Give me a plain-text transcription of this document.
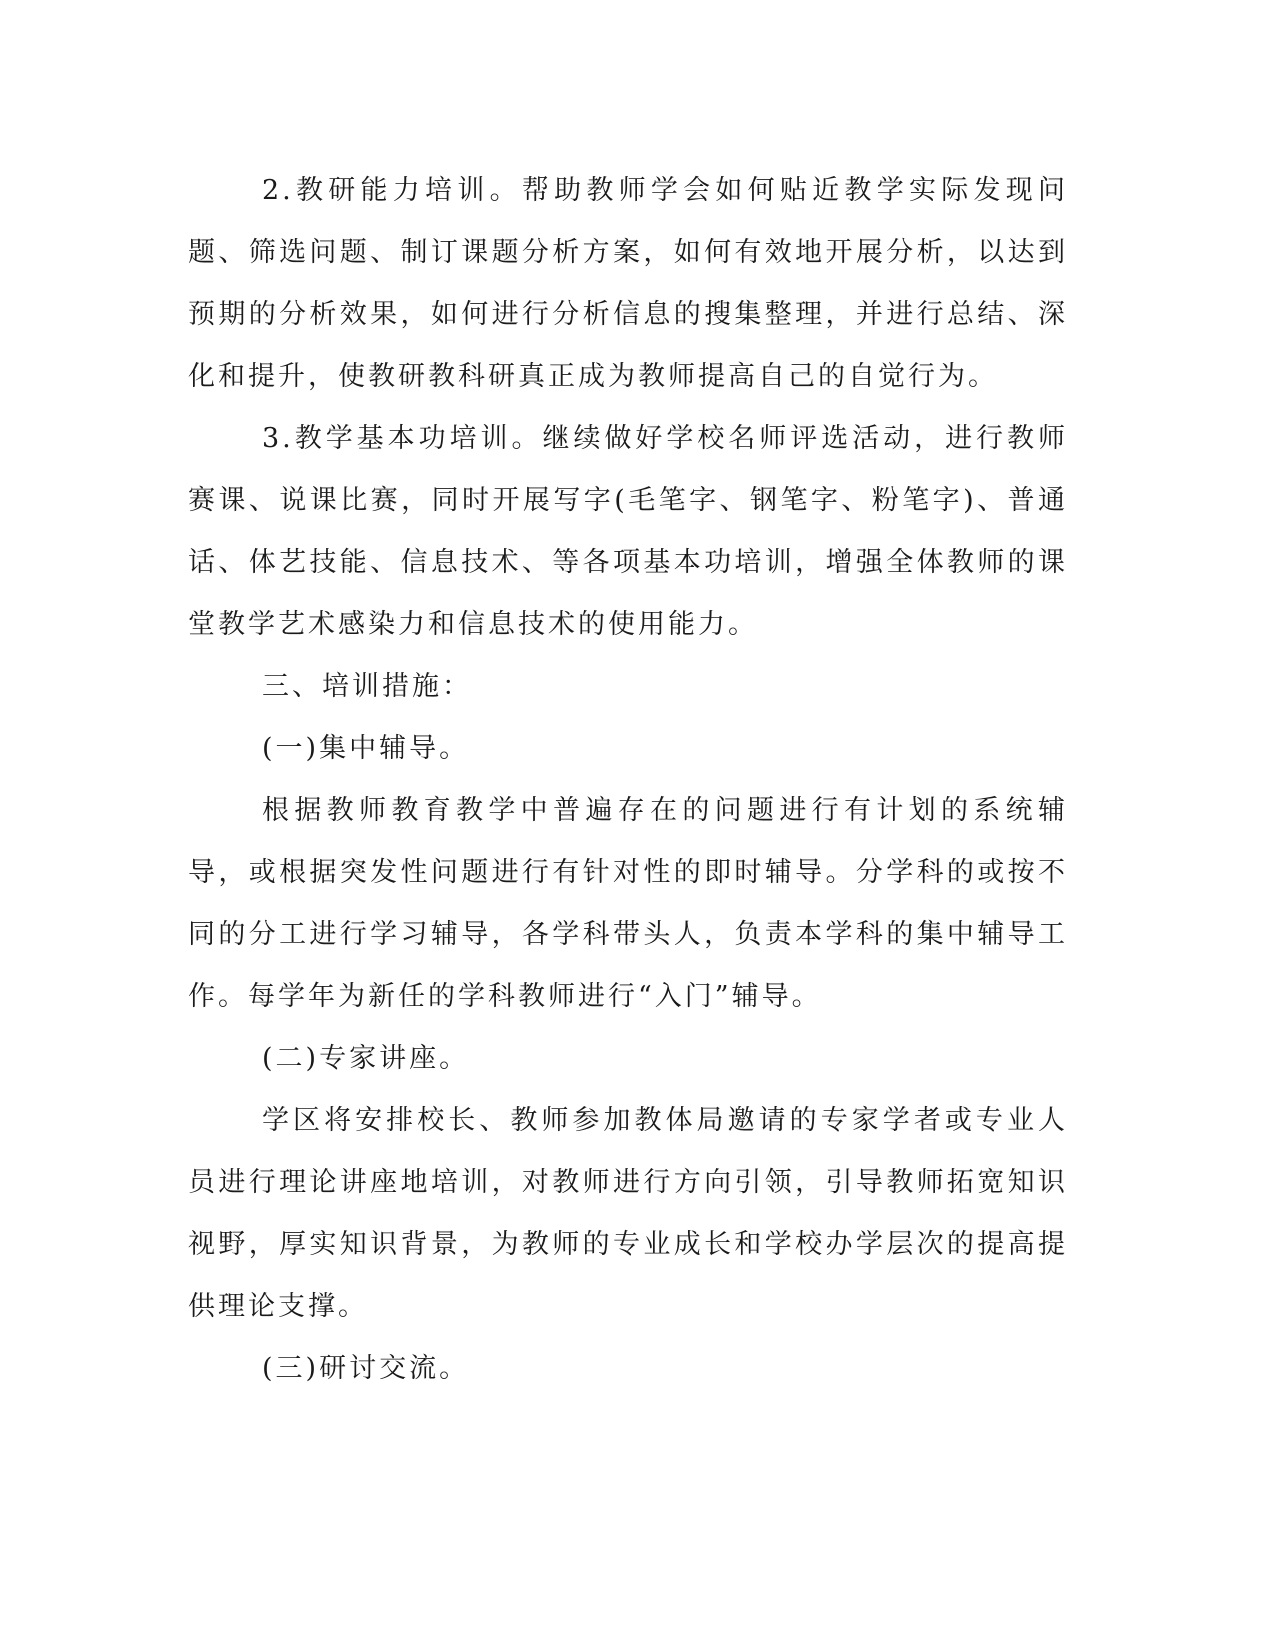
2.教研能力培训。帮助教师学会如何贴近教学实际发现问题、筛选问题、制订课题分析方案，如何有效地开展分析，以达到预期的分析效果，如何进行分析信息的搜集整理，并进行总结、深化和提升，使教研教科研真正成为教师提高自己的自觉行为。

3.教学基本功培训。继续做好学校名师评选活动，进行教师赛课、说课比赛，同时开展写字(毛笔字、钢笔字、粉笔字)、普通话、体艺技能、信息技术、等各项基本功培训，增强全体教师的课堂教学艺术感染力和信息技术的使用能力。

三、培训措施：

(一)集中辅导。

根据教师教育教学中普遍存在的问题进行有计划的系统辅导，或根据突发性问题进行有针对性的即时辅导。分学科的或按不同的分工进行学习辅导，各学科带头人，负责本学科的集中辅导工作。每学年为新任的学科教师进行“入门”辅导。

(二)专家讲座。

学区将安排校长、教师参加教体局邀请的专家学者或专业人员进行理论讲座地培训，对教师进行方向引领，引导教师拓宽知识视野，厚实知识背景，为教师的专业成长和学校办学层次的提高提供理论支撑。

(三)研讨交流。
